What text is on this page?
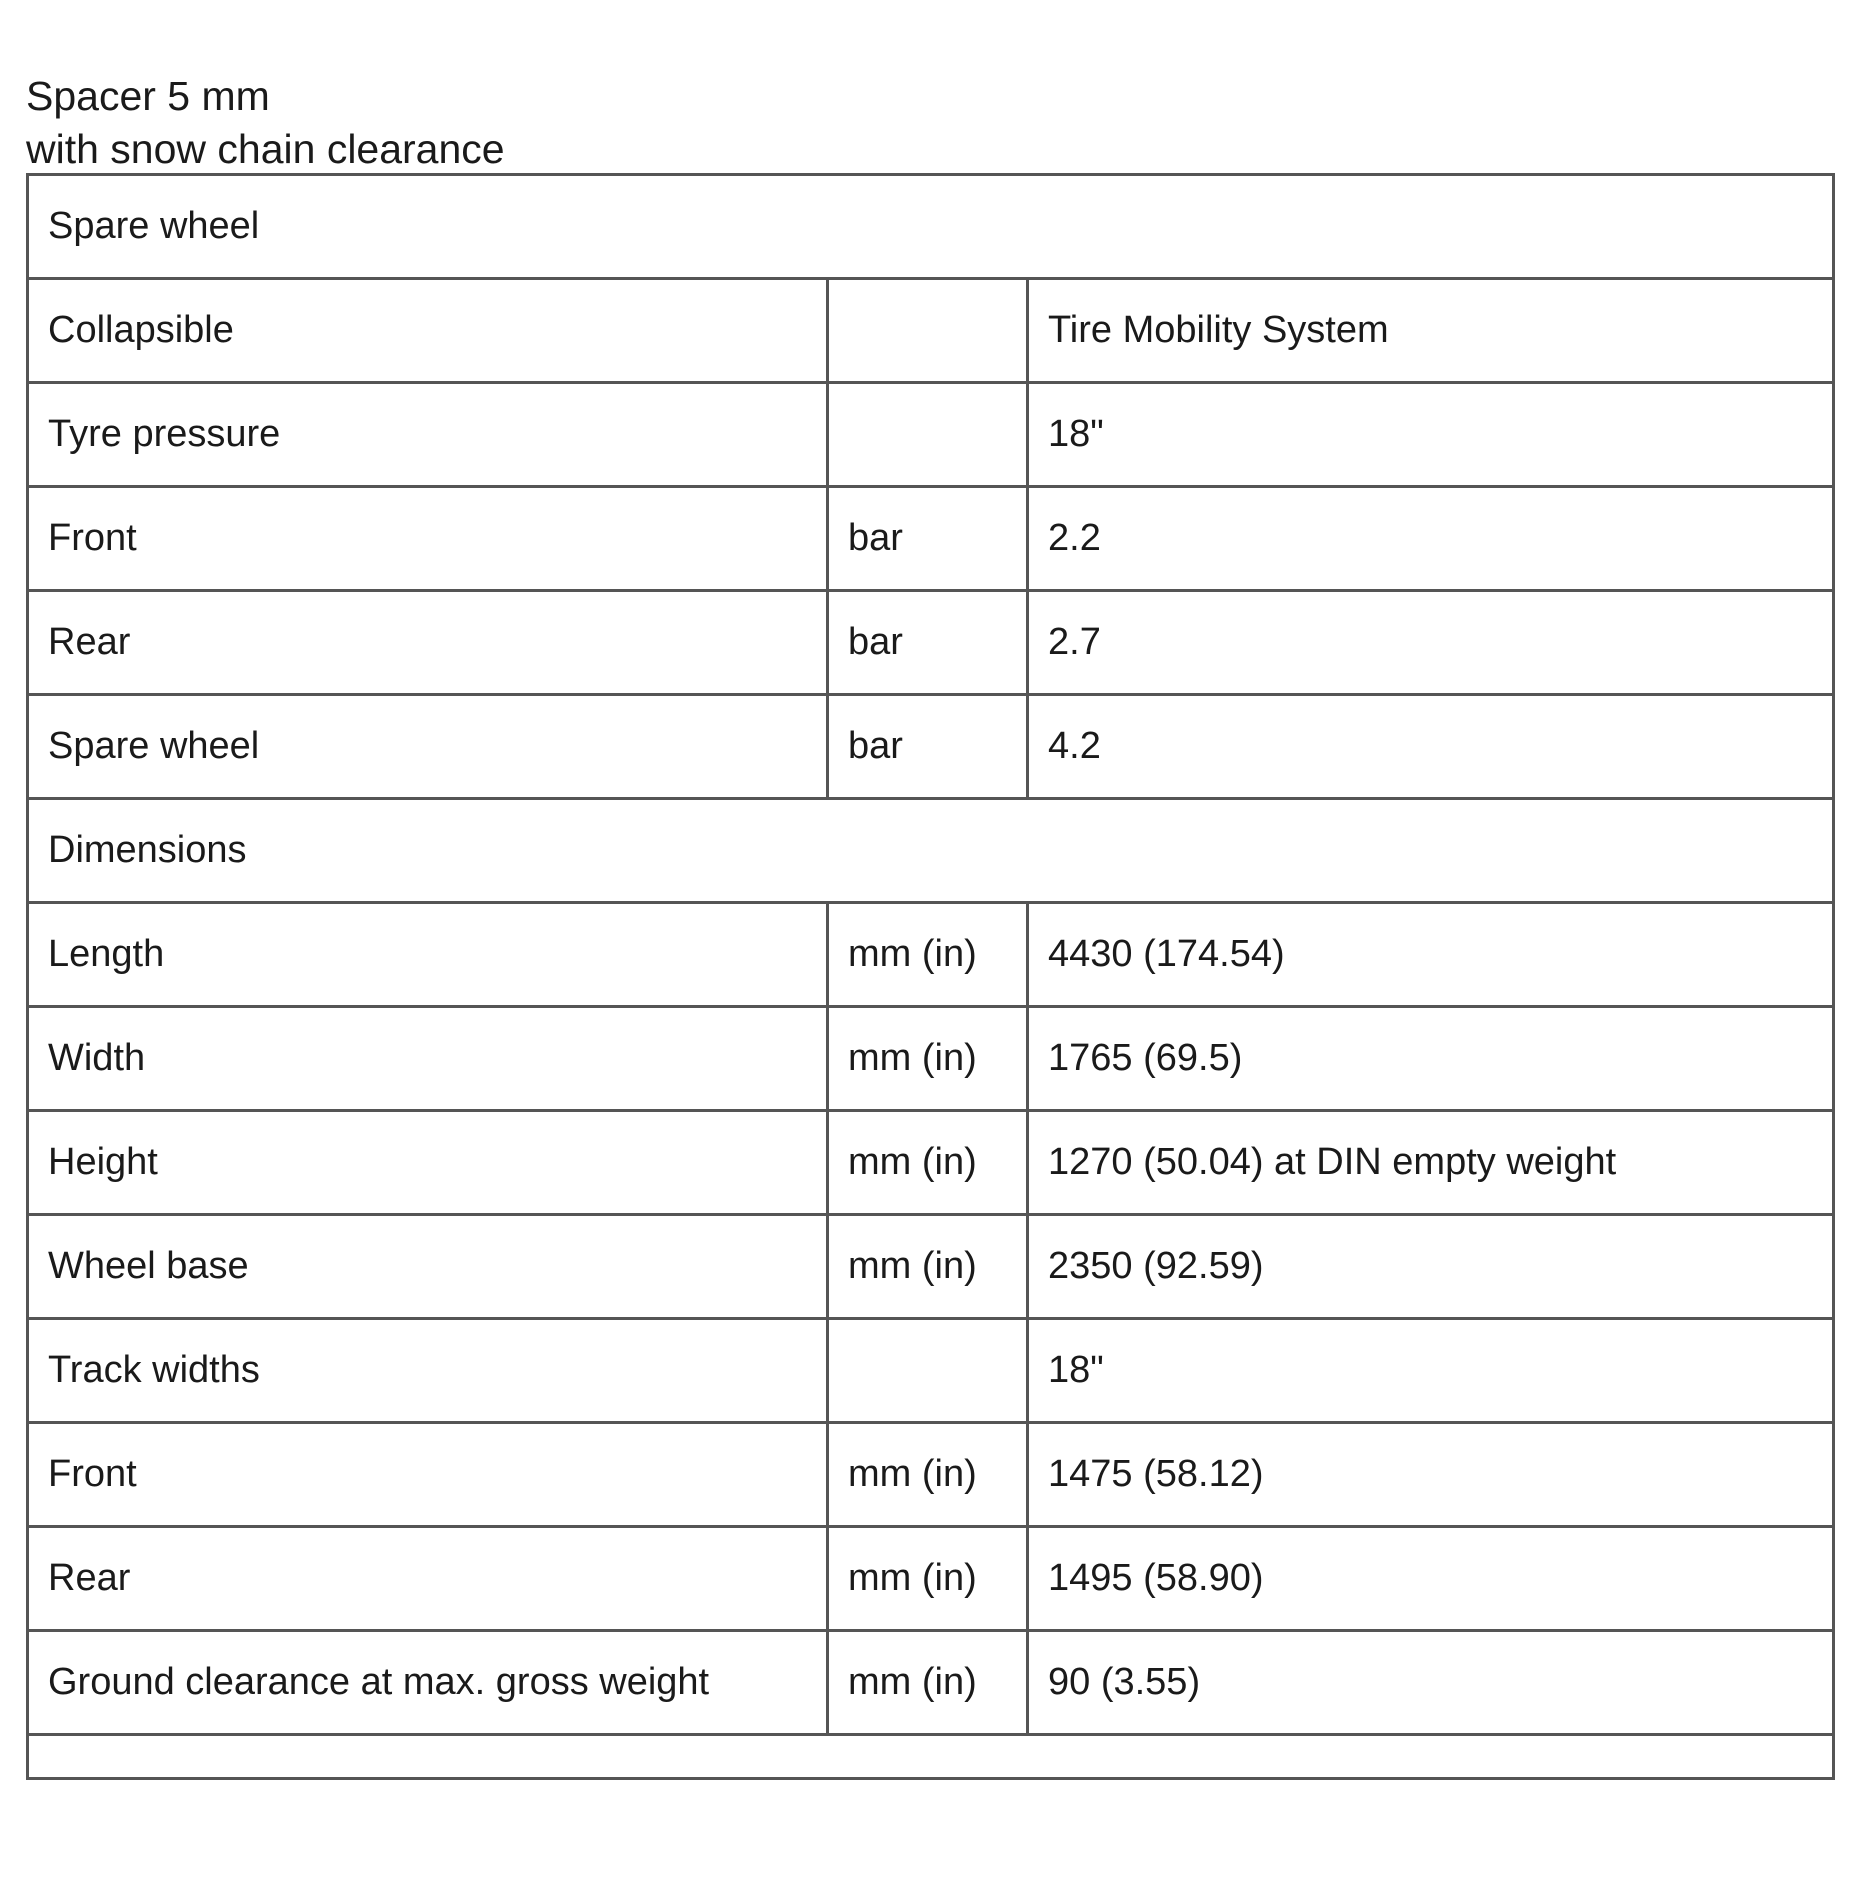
Spacer 5 mm
with snow chain clearance
Spare wheel		
Collapsible		Tire Mobility System
Tyre pressure		18"
Front	bar	2.2
Rear	bar	2.7
Spare wheel	bar	4.2
Dimensions		
Length	mm (in)	4430 (174.54)
Width	mm (in)	1765 (69.5)
Height	mm (in)	1270 (50.04) at DIN empty weight
Wheel base	mm (in)	2350 (92.59)
Track widths		18"
Front	mm (in)	1475 (58.12)
Rear	mm (in)	1495 (58.90)
Ground clearance at max. gross weight	mm (in)	90 (3.55)
